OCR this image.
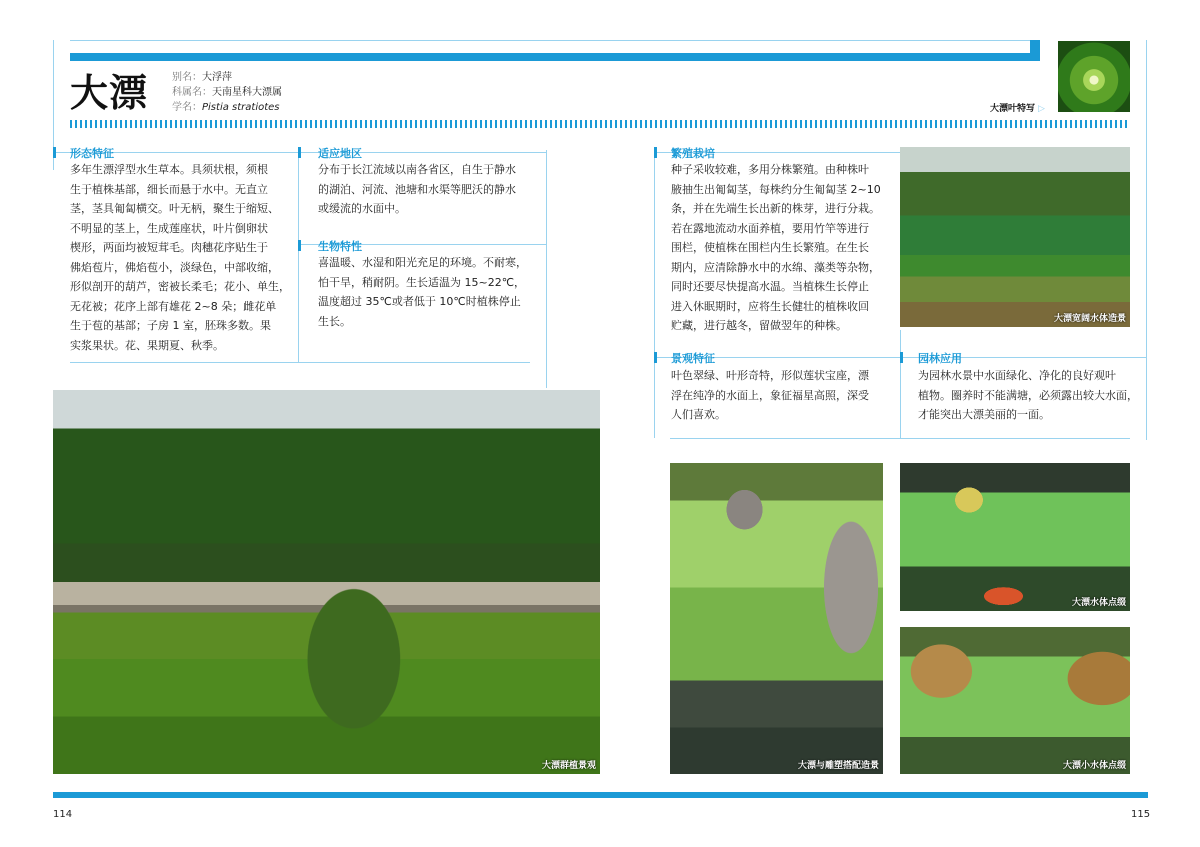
大漂 别名：大浮萍
科属名：天南星科大漂属
学名：Pistia stratiotes	大漂叶特写 ▷
形态特征
多年生漂浮型水生草本。具须状根，须根
生于植株基部，细长而悬于水中。无直立
茎，茎具匍匐横交。叶无柄，聚生于缩短、
不明显的茎上，生成莲座状，叶片倒卵状
楔形，两面均被短茸毛。肉穗花序贴生于
佛焰苞片，佛焰苞小，淡绿色，中部收缩，
形似剖开的葫芦，密被长柔毛；花小、单生，
无花被；花序上部有雄花 2~8 朵；雌花单
生于苞的基部；子房 1 室，胚珠多数。果
实浆果状。花、果期夏、秋季。
适应地区
分布于长江流域以南各省区，自生于静水
的湖泊、河流、池塘和水渠等肥沃的静水
或缓流的水面中。
生物特性
喜温暖、水湿和阳光充足的环境。不耐寒，
怕干旱，稍耐阴。生长适温为 15~22℃，
温度超过 35℃或者低于 10℃时植株停止
生长。
大漂群植景观
繁殖栽培
种子采收较难，多用分株繁殖。由种株叶
腋抽生出匍匐茎，每株约分生匍匐茎 2~10
条，并在先端生长出新的株芽，进行分栽。
若在露地流动水面养植，要用竹竿等进行
围栏，使植株在围栏内生长繁殖。在生长
期内，应清除静水中的水绵、藻类等杂物，
同时还要尽快提高水温。当植株生长停止
进入休眠期时，应将生长健壮的植株收回
贮藏，进行越冬，留做翌年的种株。	大漂宽阔水体造景
景观特征
叶色翠绿、叶形奇特，形似莲状宝座，漂
浮在纯净的水面上，象征福星高照，深受
人们喜欢。
园林应用
为园林水景中水面绿化、净化的良好观叶
植物。圈养时不能满塘，必须露出较大水面，
才能突出大漂美丽的一面。
大漂与雕塑搭配造景
大漂水体点缀
大漂小水体点缀
114	115
